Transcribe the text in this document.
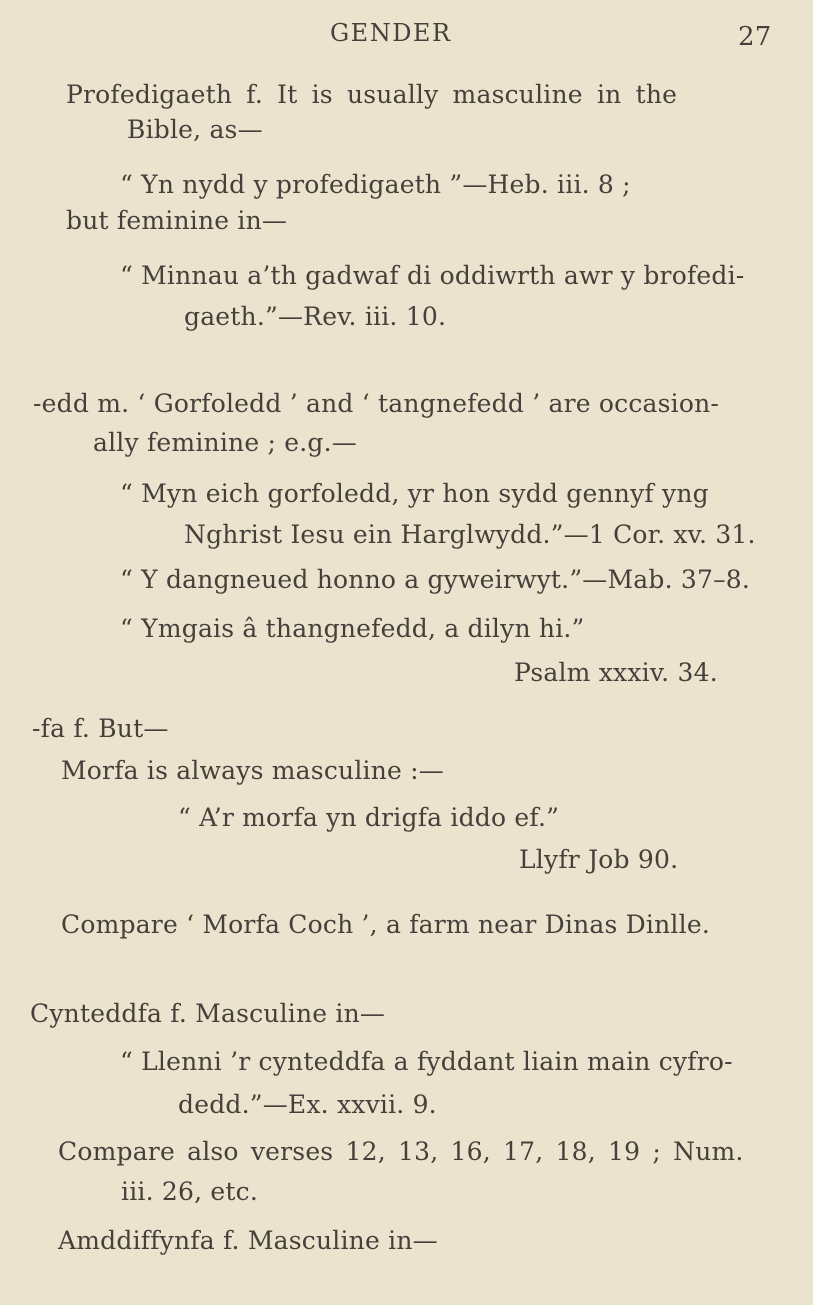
GENDER	27
Profedigaeth f. It is usually masculine in the
Bible, as—
“ Yn nydd y profedigaeth ”—Heb. iii. 8 ;
but feminine in—
“ Minnau a’th gadwaf di oddiwrth awr y brofedi-
gaeth.”—Rev. iii. 10.
-edd m. ‘ Gorfoledd ’ and ‘ tangnefedd ’ are occasion-
ally feminine ; e.g.—
“ Myn eich gorfoledd, yr hon sydd gennyf yng
Nghrist Iesu ein Harglwydd.”—1 Cor. xv. 31.
“ Y dangneued honno a gyweirwyt.”—Mab. 37–8.
“ Ymgais â thangnefedd, a dilyn hi.”
Psalm xxxiv. 34.
-fa f. But—
Morfa is always masculine :—
“ A’r morfa yn drigfa iddo ef.”
Llyfr Job 90.
Compare ‘ Morfa Coch ’, a farm near Dinas Dinlle.
Cynteddfa f. Masculine in—
“ Llenni ’r cynteddfa a fyddant liain main cyfro-
dedd.”—Ex. xxvii. 9.
Compare also verses 12, 13, 16, 17, 18, 19 ; Num.
iii. 26, etc.
Amddiffynfa f. Masculine in—
